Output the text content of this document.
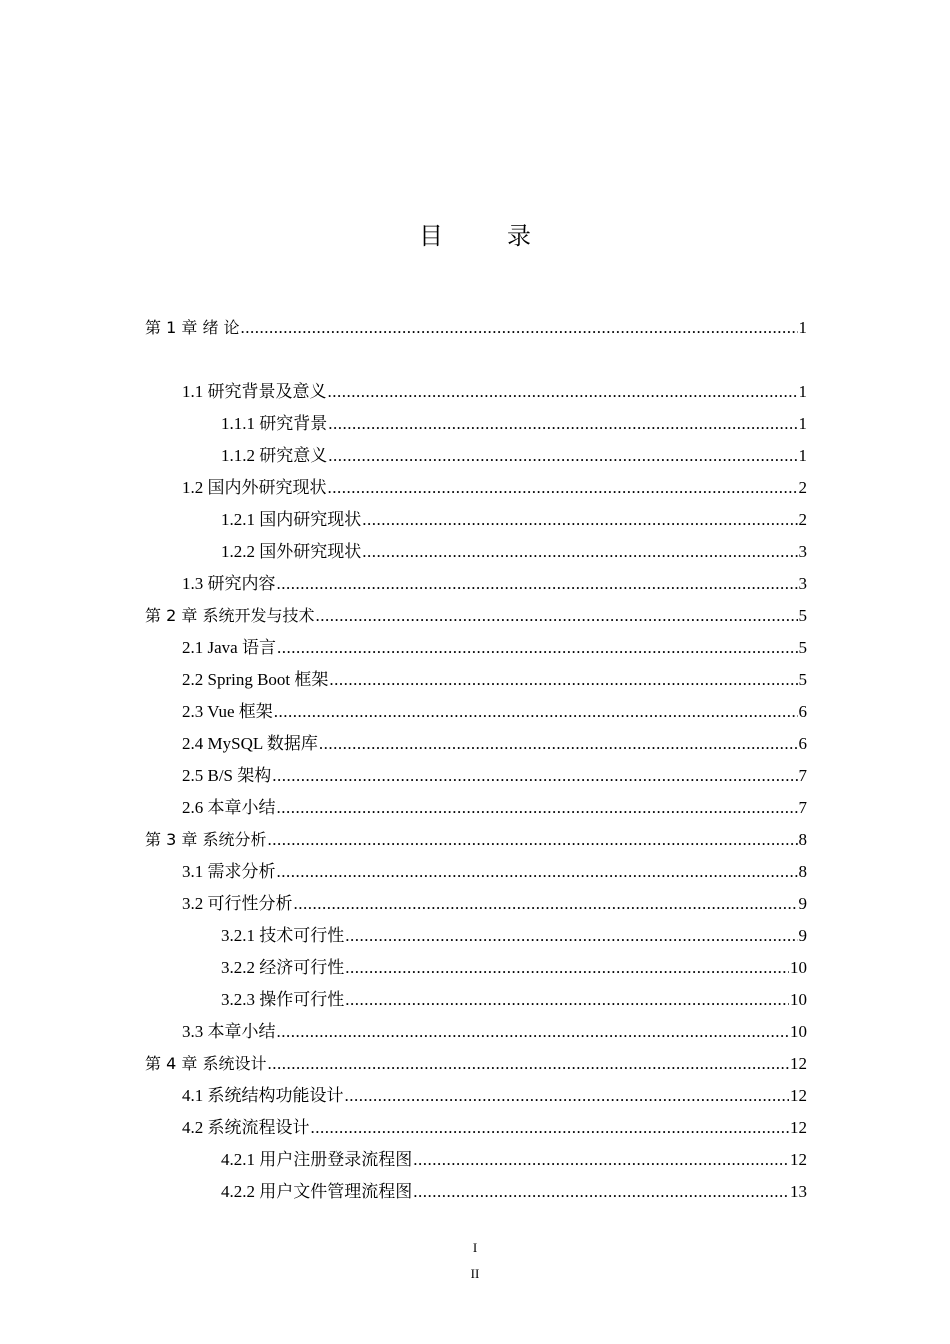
目　录
第 1 章 绪 论 .....	1
1.1 研究背景及意义 .....	1
1.1.1 研究背景 .....	1
1.1.2 研究意义 .....	1
1.2 国内外研究现状 .....	2
1.2.1 国内研究现状 .....	2
1.2.2 国外研究现状 .....	3
1.3 研究内容 .....	3
第 2 章 系统开发与技术 .....	5
2.1 Java 语言 .....	5
2.2 Spring Boot 框架 .....	5
2.3 Vue 框架 .....	6
2.4 MySQL 数据库 .....	6
2.5 B/S 架构 .....	7
2.6 本章小结 .....	7
第 3 章 系统分析 .....	8
3.1 需求分析 .....	8
3.2 可行性分析 .....	9
3.2.1 技术可行性 .....	9
3.2.2 经济可行性 .....	10
3.2.3 操作可行性 .....	10
3.3 本章小结 .....	10
第 4 章 系统设计 .....	12
4.1 系统结构功能设计 .....	12
4.2 系统流程设计 .....	12
4.2.1 用户注册登录流程图 .....	12
4.2.2 用户文件管理流程图 .....	13
I
II
